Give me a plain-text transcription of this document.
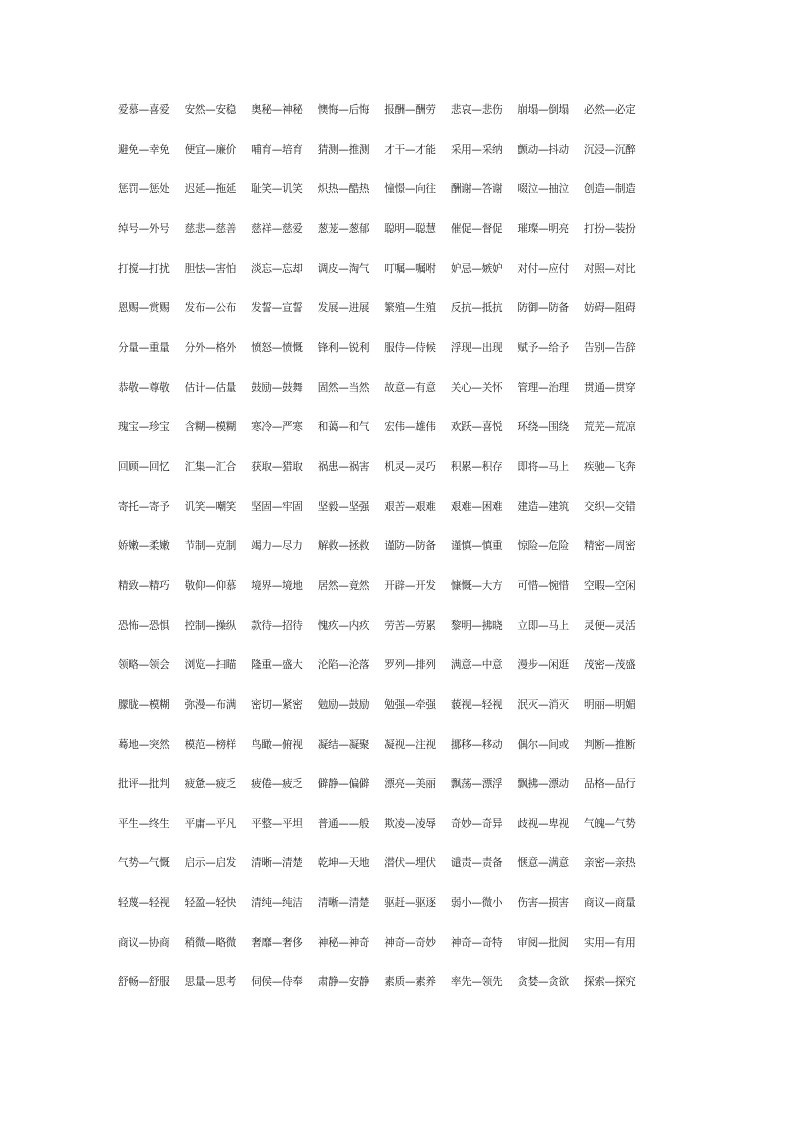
爱慕—喜爱 安然—安稳 奥秘—神秘 懊悔—后悔 报酬—酬劳 悲哀—悲伤 崩塌—倒塌 必然—必定
避免—幸免 便宜—廉价 哺育—培育 猜测—推测 才干—才能 采用—采纳 颤动—抖动 沉浸—沉醉
惩罚—惩处 迟延—拖延 耻笑—讥笑 炽热—酷热 憧憬—向往 酬谢—答谢 啜泣—抽泣 创造—制造
绰号—外号 慈悲—慈善 慈祥—慈爱 葱茏—葱郁 聪明—聪慧 催促—督促 璀璨—明亮 打扮—装扮
打搅—打扰 胆怯—害怕 淡忘—忘却 调皮—淘气 叮嘱—嘱咐 妒忌—嫉妒 对付—应付 对照—对比
恩赐—赏赐 发布—公布 发誓—宣誓 发展—进展 繁殖—生殖 反抗—抵抗 防御—防备 妨碍—阻碍
分量—重量 分外—格外 愤怒—愤慨 锋利—锐利 服侍—侍候 浮现—出现 赋予—给予 告别—告辞
恭敬—尊敬 估计—估量 鼓励—鼓舞 固然—当然 故意—有意 关心—关怀 管理—治理 贯通—贯穿
瑰宝—珍宝 含糊—模糊 寒冷—严寒 和蔼—和气 宏伟—雄伟 欢跃—喜悦 环绕—围绕 荒芜—荒凉
回顾—回忆 汇集—汇合 获取—猎取 祸患—祸害 机灵—灵巧 积累—积存 即将—马上 疾驰—飞奔
寄托—寄予 讥笑—嘲笑 坚固—牢固 坚毅—坚强 艰苦—艰难 艰难—困难 建造—建筑 交织—交错
娇嫩—柔嫩 节制—克制 竭力—尽力 解救—拯救 谨防—防备 谨慎—慎重 惊险—危险 精密—周密
精致—精巧 敬仰—仰慕 境界—境地 居然—竟然 开辟—开发 慷慨—大方 可惜—惋惜 空暇—空闲
恐怖—恐惧 控制—操纵 款待—招待 愧疚—内疚 劳苦—劳累 黎明—拂晓 立即—马上 灵便—灵活
领略—领会 浏览—扫瞄 隆重—盛大 沦陷—沦落 罗列—排列 满意—中意 漫步—闲逛 茂密—茂盛
朦胧—模糊 弥漫—布满 密切—紧密 勉励—鼓励 勉强—牵强 藐视—轻视 泯灭—消灭 明丽—明媚
蓦地—突然 模范—榜样 鸟瞰—俯视 凝结—凝聚 凝视—注视 挪移—移动 偶尔—间或 判断—推断
批评—批判 疲惫—疲乏 疲倦—疲乏 僻静—偏僻 漂亮—美丽 飘荡—漂浮 飘拂—漂动 品格—品行
平生—终生 平庸—平凡 平整—平坦 普通——般 欺凌—凌辱 奇妙—奇异 歧视—卑视 气魄—气势
气势—气慨 启示—启发 清晰—清楚 乾坤—天地 潜伏—埋伏 谴责—责备 惬意—满意 亲密—亲热
轻蔑—轻视 轻盈—轻快 清纯—纯洁 清晰—清楚 驱赶—驱逐 弱小—微小 伤害—损害 商议—商量
商议—协商 稍微—略微 奢靡—奢侈 神秘—神奇 神奇—奇妙 神奇—奇特 审阅—批阅 实用—有用
舒畅—舒服 思量—思考 伺侯—侍奉 肃静—安静 素质—素养 率先—领先 贪婪—贪欲 探索—探究
